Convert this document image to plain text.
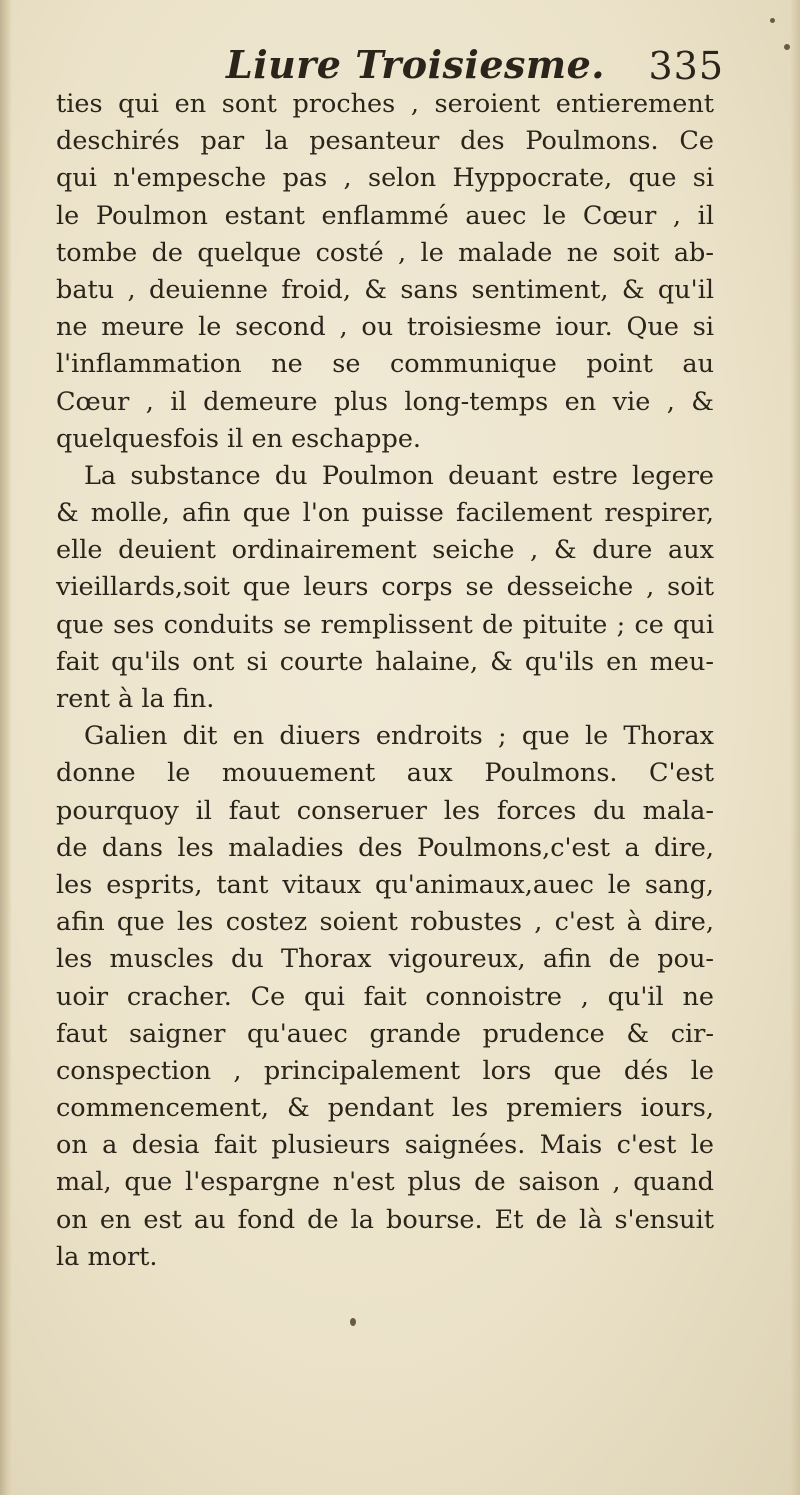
Liure Troisiesme. 335
ties qui en sont proches , seroient entierement
deschirés par la pesanteur des Poulmons. Ce
qui n'empesche pas , selon Hyppocrate, que si
le Poulmon estant enflammé auec le Cœur , il
tombe de quelque costé , le malade ne soit ab-
batu , deuienne froid, & sans sentiment, & qu'il
ne meure le second , ou troisiesme iour. Que si
l'inflammation ne se communique point au
Cœur , il demeure plus long-temps en vie , &
quelquesfois il en eschappe.
La substance du Poulmon deuant estre legere
& molle, afin que l'on puisse facilement respirer,
elle deuient ordinairement seiche , & dure aux
vieillards,soit que leurs corps se desseiche , soit
que ses conduits se remplissent de pituite ; ce qui
fait qu'ils ont si courte halaine, & qu'ils en meu-
rent à la fin.
Galien dit en diuers endroits ; que le Thorax
donne le mouuement aux Poulmons. C'est
pourquoy il faut conseruer les forces du mala-
de dans les maladies des Poulmons,c'est a dire,
les esprits, tant vitaux qu'animaux,auec le sang,
afin que les costez soient robustes , c'est à dire,
les muscles du Thorax vigoureux, afin de pou-
uoir cracher. Ce qui fait connoistre , qu'il ne
faut saigner qu'auec grande prudence & cir-
conspection , principalement lors que dés le
commencement, & pendant les premiers iours,
on a desia fait plusieurs saignées. Mais c'est le
mal, que l'espargne n'est plus de saison , quand
on en est au fond de la bourse. Et de là s'ensuit
la mort.
